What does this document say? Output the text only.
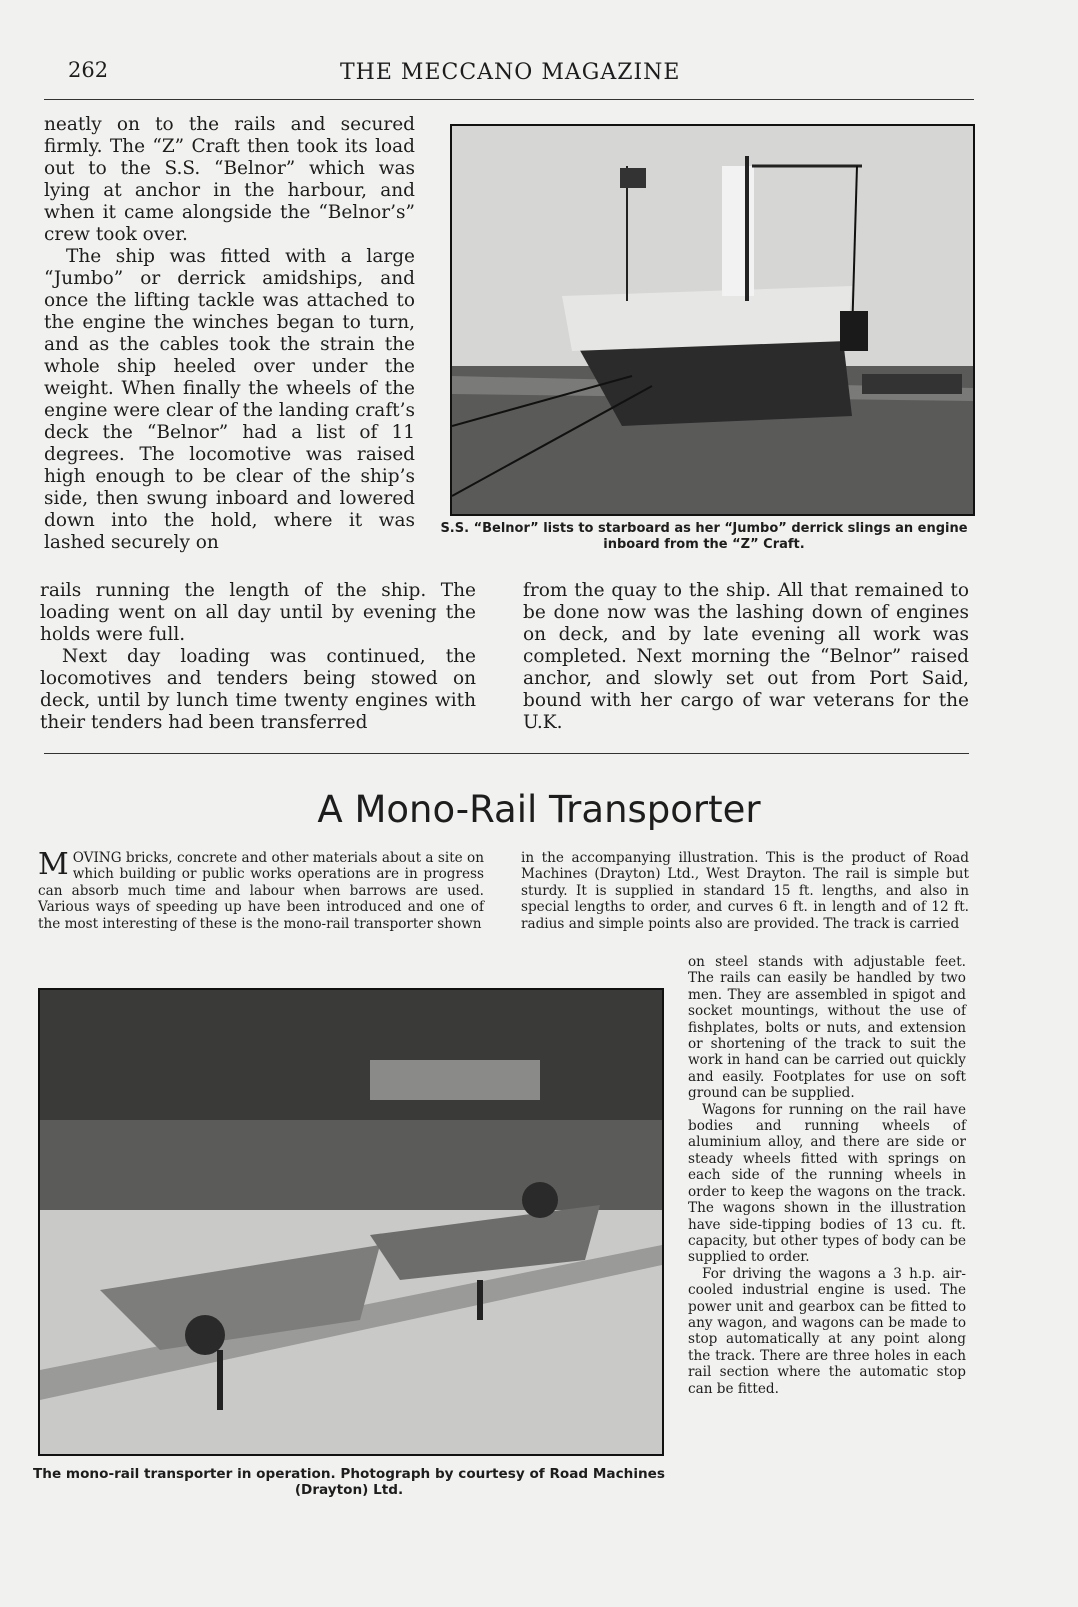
262	THE MECCANO MAGAZINE

neatly on to the rails and secured firmly. The “Z” Craft then took its load out to the S.S. “Belnor” which was lying at anchor in the harbour, and when it came alongside the “Belnor’s” crew took over.

The ship was fitted with a large “Jumbo” or derrick amidships, and once the lifting tackle was attached to the engine the winches began to turn, and as the cables took the strain the whole ship heeled over under the weight. When finally the wheels of the engine were clear of the landing craft’s deck the “Belnor” had a list of 11 degrees. The locomotive was raised high enough to be clear of the ship’s side, then swung inboard and lowered down into the hold, where it was lashed securely on

S.S. “Belnor” lists to starboard as her “Jumbo” derrick slings an engine inboard from the “Z” Craft.

rails running the length of the ship. The loading went on all day until by evening the holds were full.

Next day loading was continued, the locomotives and tenders being stowed on deck, until by lunch time twenty engines with their tenders had been transferred

from the quay to the ship. All that remained to be done now was the lashing down of engines on deck, and by late evening all work was completed. Next morning the “Belnor” raised anchor, and slowly set out from Port Said, bound with her cargo of war veterans for the U.K.

A Mono-Rail Transporter

MOVING bricks, concrete and other materials about a site on which building or public works operations are in progress can absorb much time and labour when barrows are used. Various ways of speeding up have been introduced and one of the most interesting of these is the mono-rail transporter shown

in the accompanying illustration. This is the product of Road Machines (Drayton) Ltd., West Drayton. The rail is simple but sturdy. It is supplied in standard 15 ft. lengths, and also in special lengths to order, and curves 6 ft. in length and of 12 ft. radius and simple points also are provided. The track is carried

The mono-rail transporter in operation. Photograph by courtesy of Road Machines (Drayton) Ltd.

on steel stands with adjustable feet. The rails can easily be handled by two men. They are assembled in spigot and socket mountings, without the use of fishplates, bolts or nuts, and extension or shortening of the track to suit the work in hand can be carried out quickly and easily. Footplates for use on soft ground can be supplied.

Wagons for running on the rail have bodies and running wheels of aluminium alloy, and there are side or steady wheels fitted with springs on each side of the running wheels in order to keep the wagons on the track. The wagons shown in the illustration have side-tipping bodies of 13 cu. ft. capacity, but other types of body can be supplied to order.

For driving the wagons a 3 h.p. air-cooled industrial engine is used. The power unit and gearbox can be fitted to any wagon, and wagons can be made to stop automatically at any point along the track. There are three holes in each rail section where the automatic stop can be fitted.
